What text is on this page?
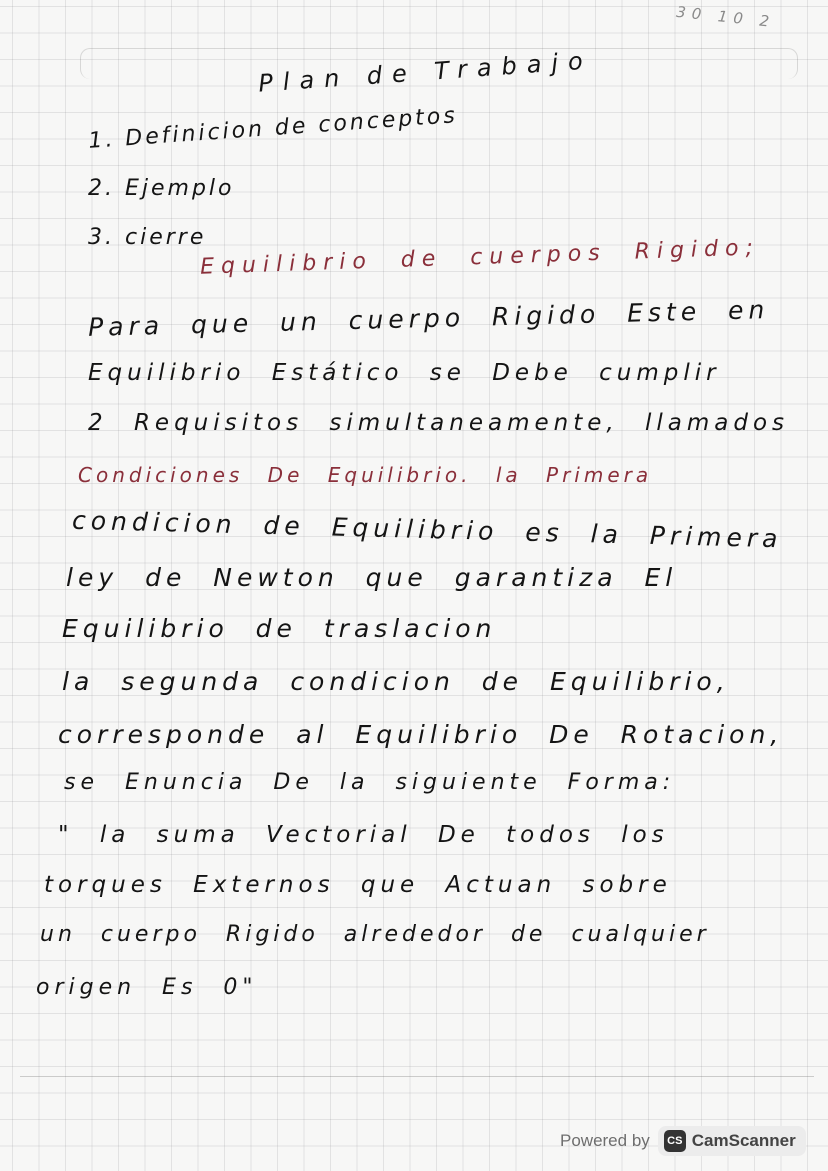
30 10 2
Plan de Trabajo
1. Definicion de conceptos
2. Ejemplo
3. cierre
Equilibrio de cuerpos Rigido;
Para que un cuerpo Rigido Este en
Equilibrio Estático se Debe cumplir
2 Requisitos simultaneamente, llamados
Condiciones De Equilibrio. la Primera
condicion de Equilibrio es la Primera
ley de Newton que garantiza El
Equilibrio de traslacion
la segunda condicion de Equilibrio,
corresponde al Equilibrio De Rotacion,
se Enuncia De la siguiente Forma:
" la suma Vectorial De todos los
torques Externos que Actuan sobre
un cuerpo Rigido alrededor de cualquier
origen Es 0"
Powered by	CS CamScanner
